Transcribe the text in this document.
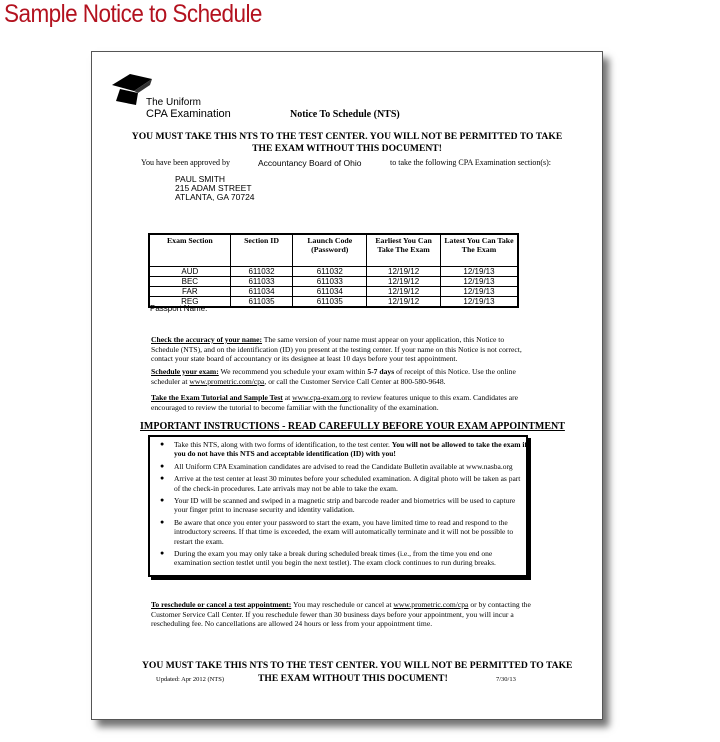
Sample Notice to Schedule
The Uniform
CPA Examination	Notice To Schedule (NTS)
YOU MUST TAKE THIS NTS TO THE TEST CENTER. YOU WILL NOT BE PERMITTED TO TAKE
THE EXAM WITHOUT THIS DOCUMENT!
You have been approved by	Accountancy Board of Ohio	to take the following CPA Examination section(s):
PAUL SMITH
215 ADAM STREET
ATLANTA, GA 70724
Exam Section	Section ID	Launch Code (Password)	Earliest You Can Take The Exam	Latest You Can Take The Exam
AUD	611032	611032	12/19/12	12/19/13
BEC	611033	611033	12/19/12	12/19/13
FAR	611034	611034	12/19/12	12/19/13
REG	611035	611035	12/19/12	12/19/13
Passport Name:
Check the accuracy of your name: The same version of your name must appear on your application, this Notice to Schedule (NTS), and on the identification (ID) you present at the testing center. If your name on this Notice is not correct, contact your state board of accountancy or its designee at least 10 days before your test appointment.
Schedule your exam: We recommend you schedule your exam within 5-7 days of receipt of this Notice. Use the online scheduler at www.prometric.com/cpa, or call the Customer Service Call Center at 800-580-9648.
Take the Exam Tutorial and Sample Test at www.cpa-exam.org to review features unique to this exam. Candidates are encouraged to review the tutorial to become familiar with the functionality of the examination.
IMPORTANT INSTRUCTIONS - READ CAREFULLY BEFORE YOUR EXAM APPOINTMENT
● Take this NTS, along with two forms of identification, to the test center. You will not be allowed to take the exam if you do not have this NTS and acceptable identification (ID) with you!
● All Uniform CPA Examination candidates are advised to read the Candidate Bulletin available at www.nasba.org
● Arrive at the test center at least 30 minutes before your scheduled examination. A digital photo will be taken as part of the check-in procedures. Late arrivals may not be able to take the exam.
● Your ID will be scanned and swiped in a magnetic strip and barcode reader and biometrics will be used to capture your finger print to increase security and identity validation.
● Be aware that once you enter your password to start the exam, you have limited time to read and respond to the introductory screens. If that time is exceeded, the exam will automatically terminate and it will not be possible to restart the exam.
● During the exam you may only take a break during scheduled break times (i.e., from the time you end one examination section testlet until you begin the next testlet). The exam clock continues to run during breaks.
To reschedule or cancel a test appointment: You may reschedule or cancel at www.prometric.com/cpa or by contacting the Customer Service Call Center. If you reschedule fewer than 30 business days before your appointment, you will incur a rescheduling fee. No cancellations are allowed 24 hours or less from your appointment time.
YOU MUST TAKE THIS NTS TO THE TEST CENTER. YOU WILL NOT BE PERMITTED TO TAKE
THE EXAM WITHOUT THIS DOCUMENT!
Updated: Apr 2012 (NTS)	7/30/13
